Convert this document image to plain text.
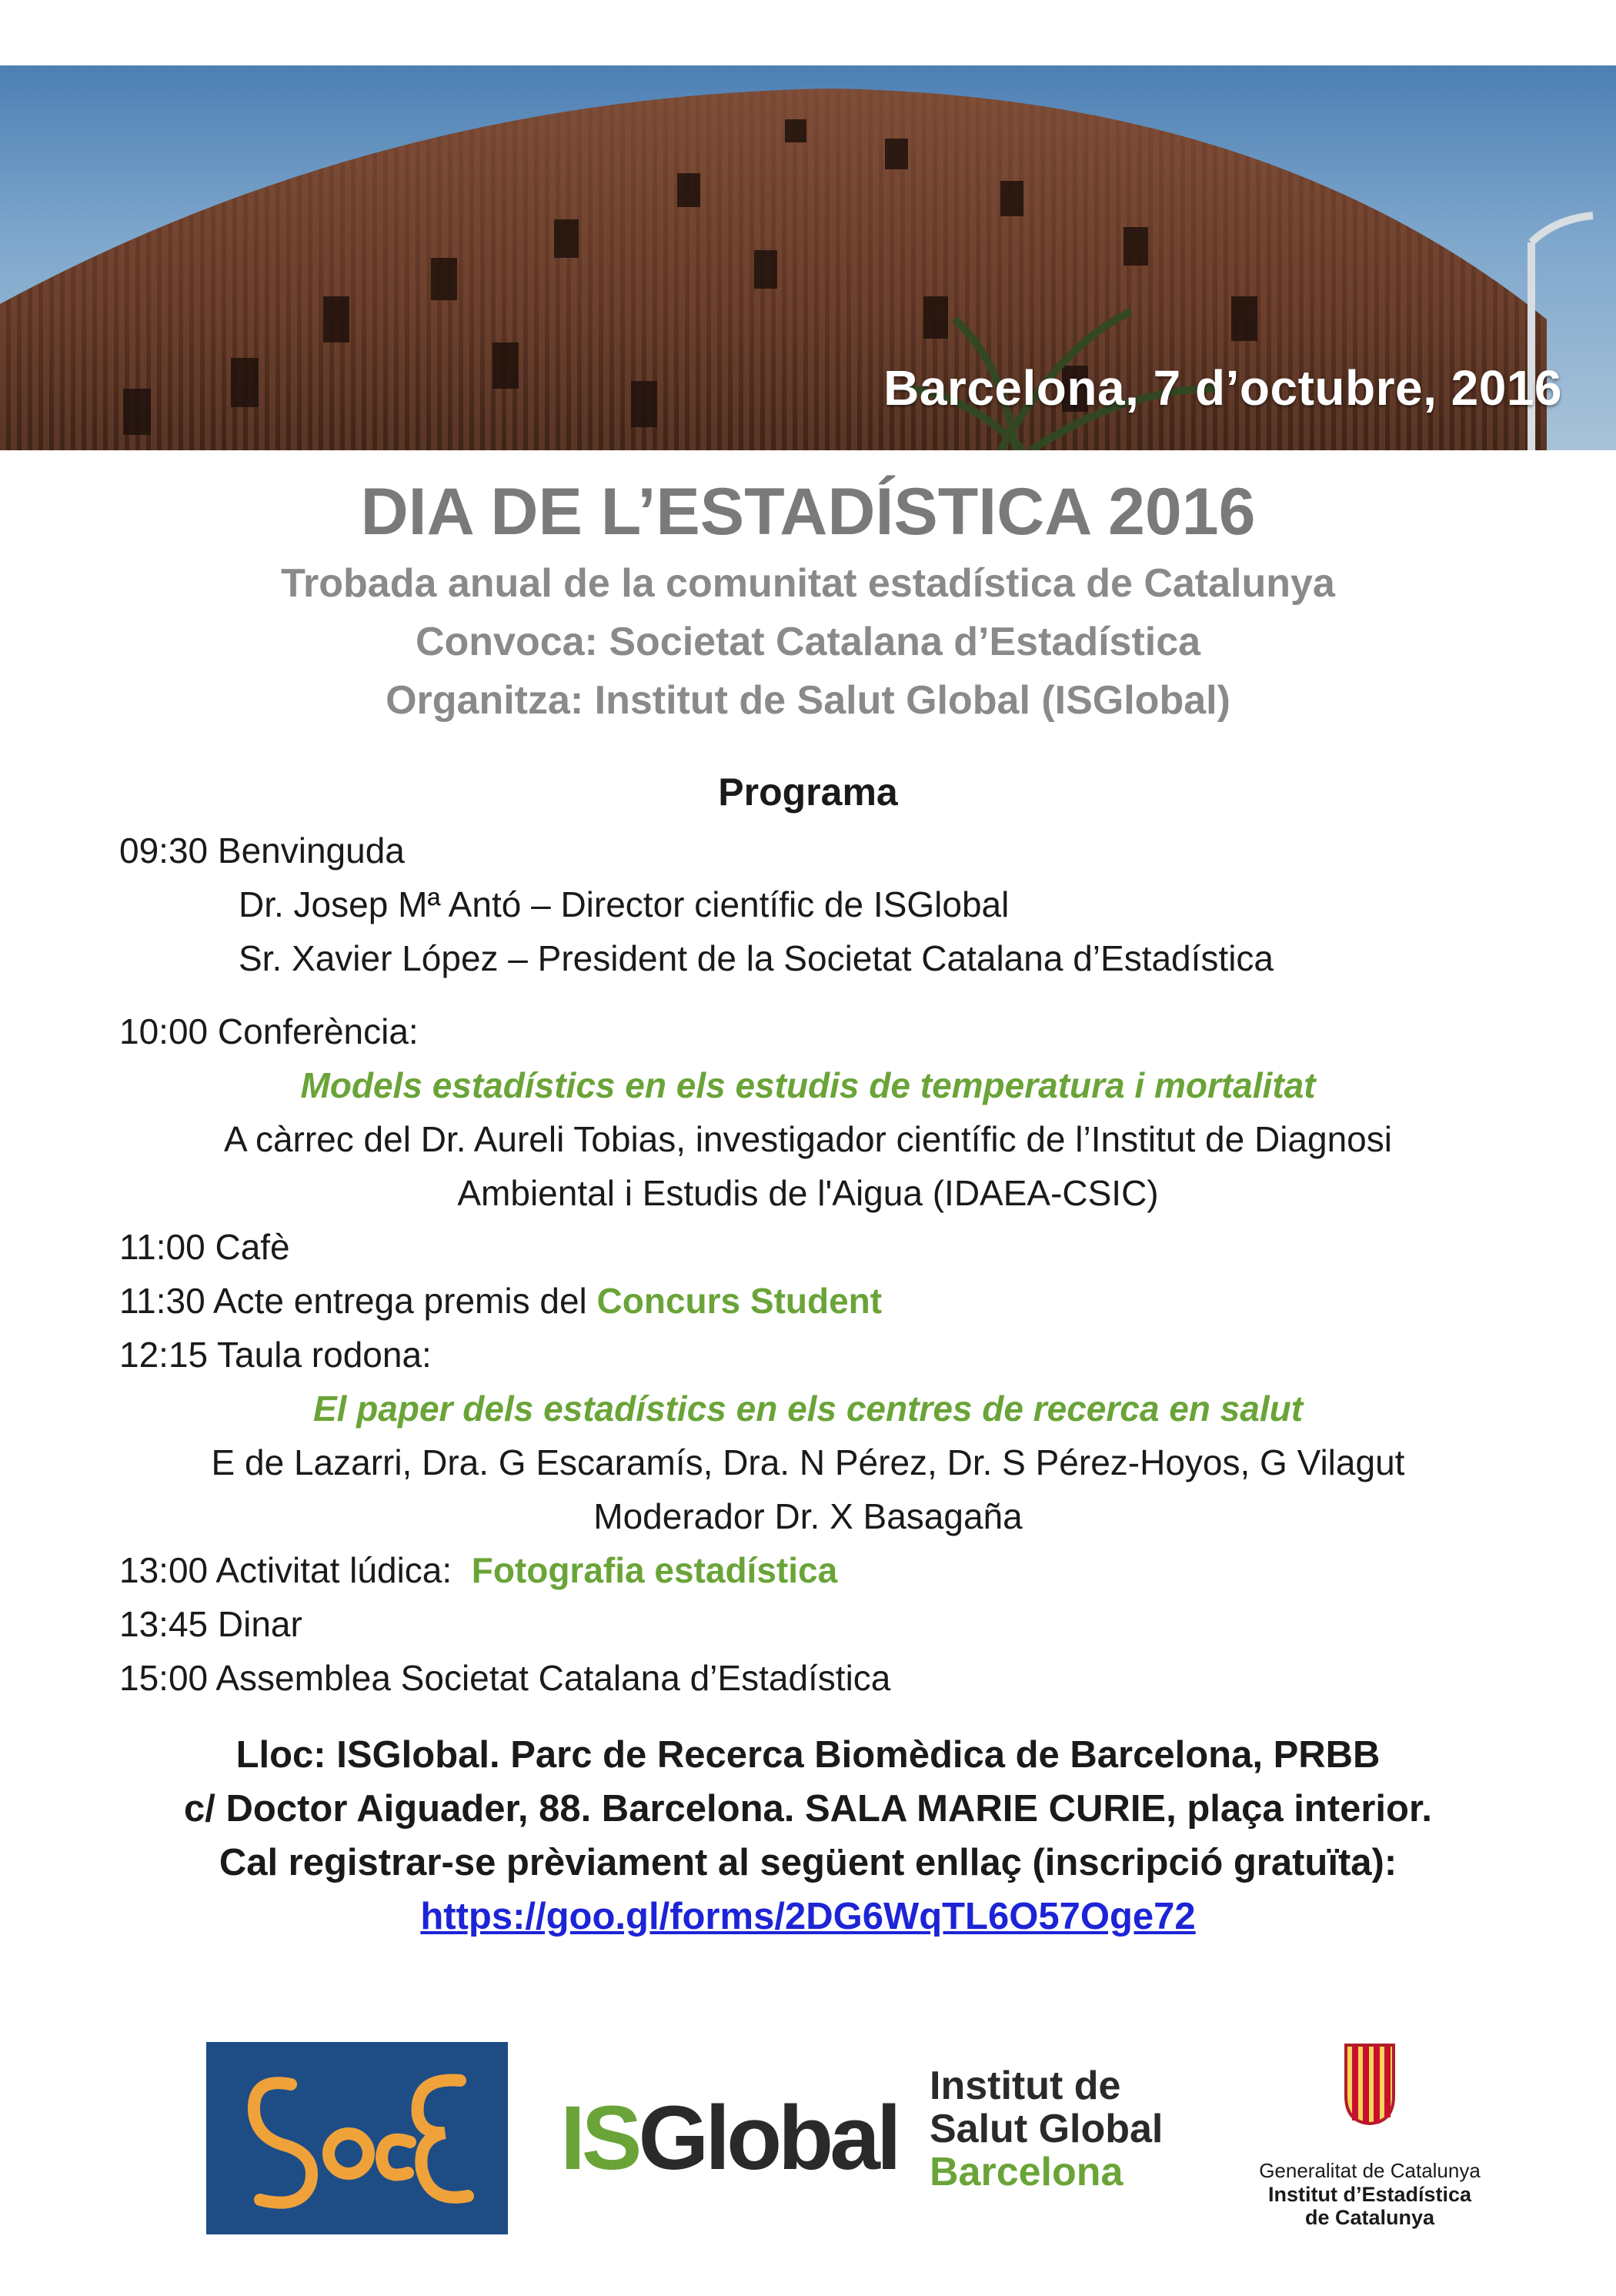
Barcelona, 7 d’octubre, 2016

DIA DE L’ESTADÍSTICA 2016

Trobada anual de la comunitat estadística de Catalunya

Convoca: Societat Catalana d’Estadística

Organitza: Institut de Salut Global (ISGlobal)

Programa
09:30 Benvinguda
Dr. Josep Mª Antó – Director científic de ISGlobal
Sr. Xavier López – President de la Societat Catalana d’Estadística
10:00 Conferència:
Models estadístics en els estudis de temperatura i mortalitat
A càrrec del Dr. Aureli Tobias, investigador científic de l’Institut de Diagnosi
Ambiental i Estudis de l'Aigua (IDAEA-CSIC)
11:00 Cafè
11:30 Acte entrega premis del Concurs Student
12:15 Taula rodona:
El paper dels estadístics en els centres de recerca en salut
E de Lazarri, Dra. G Escaramís, Dra. N Pérez, Dr. S Pérez-Hoyos, G Vilagut
Moderador Dr. X Basagaña
13:00 Activitat lúdica:  Fotografia estadística
13:45 Dinar
15:00 Assemblea Societat Catalana d’Estadística

Lloc: ISGlobal. Parc de Recerca Biomèdica de Barcelona, PRBB

c/ Doctor Aiguader, 88. Barcelona. SALA MARIE CURIE, plaça interior.

Cal registrar-se prèviament al següent enllaç (inscripció gratuïta):

https://goo.gl/forms/2DG6WqTL6O57Oge72

ISGlobal
Institut de
Salut Global
Barcelona	Generalitat de Catalunya
Institut d’Estadística
de Catalunya
